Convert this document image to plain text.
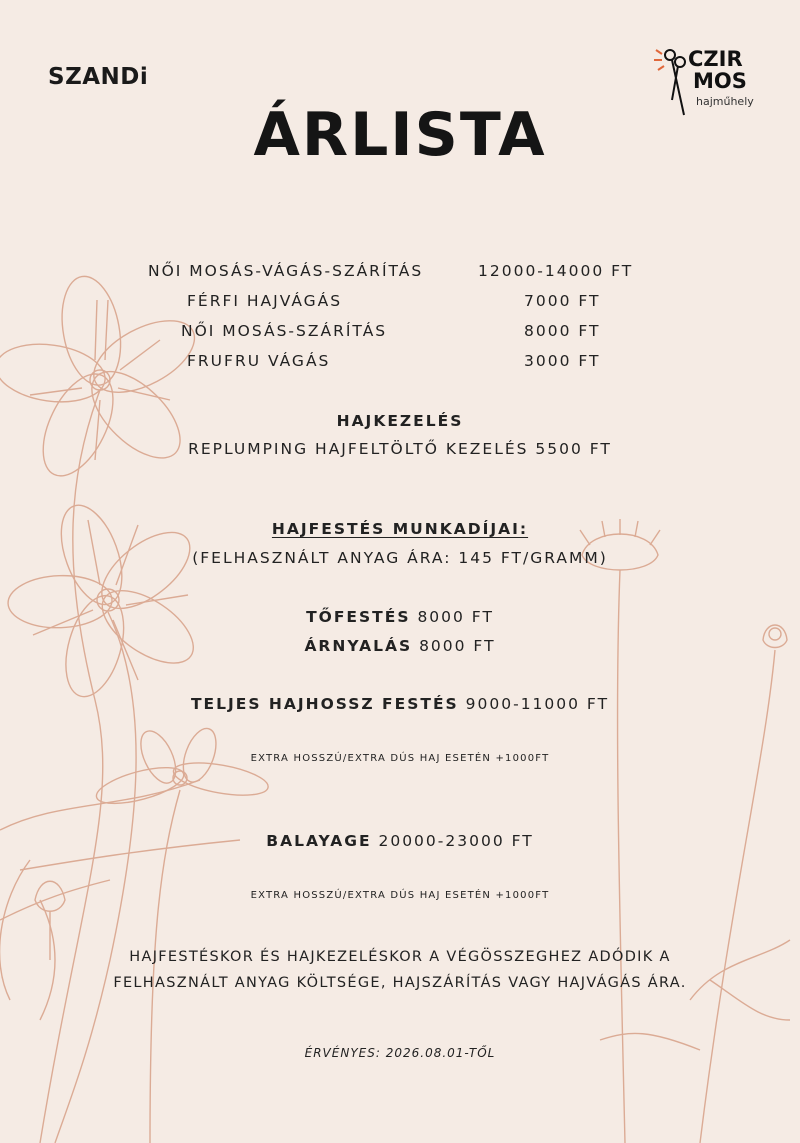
SZANDi
CZIR
MOS
hajműhely
ÁRLISTA
NŐI MOSÁS-VÁGÁS-SZÁRÍTÁS	12000-14000 FT
FÉRFI HAJVÁGÁS	7000 FT
NŐI MOSÁS-SZÁRÍTÁS	8000 FT
FRUFRU VÁGÁS	3000 FT
HAJKEZELÉS
REPLUMPING HAJFELTÖLTŐ KEZELÉS 5500 FT
HAJFESTÉS MUNKADÍJAI:
(FELHASZNÁLT ANYAG ÁRA: 145 FT/GRAMM)
TŐFESTÉS 8000 FT
ÁRNYALÁS 8000 FT
TELJES HAJHOSSZ FESTÉS 9000-11000 FT
EXTRA HOSSZÚ/EXTRA DÚS HAJ ESETÉN +1000FT
BALAYAGE 20000-23000 FT
EXTRA HOSSZÚ/EXTRA DÚS HAJ ESETÉN +1000FT
HAJFESTÉSKOR ÉS HAJKEZELÉSKOR A VÉGÖSSZEGHEZ ADÓDIK A
FELHASZNÁLT ANYAG KÖLTSÉGE, HAJSZÁRÍTÁS VAGY HAJVÁGÁS ÁRA.
ÉRVÉNYES: 2026.08.01-TŐL
